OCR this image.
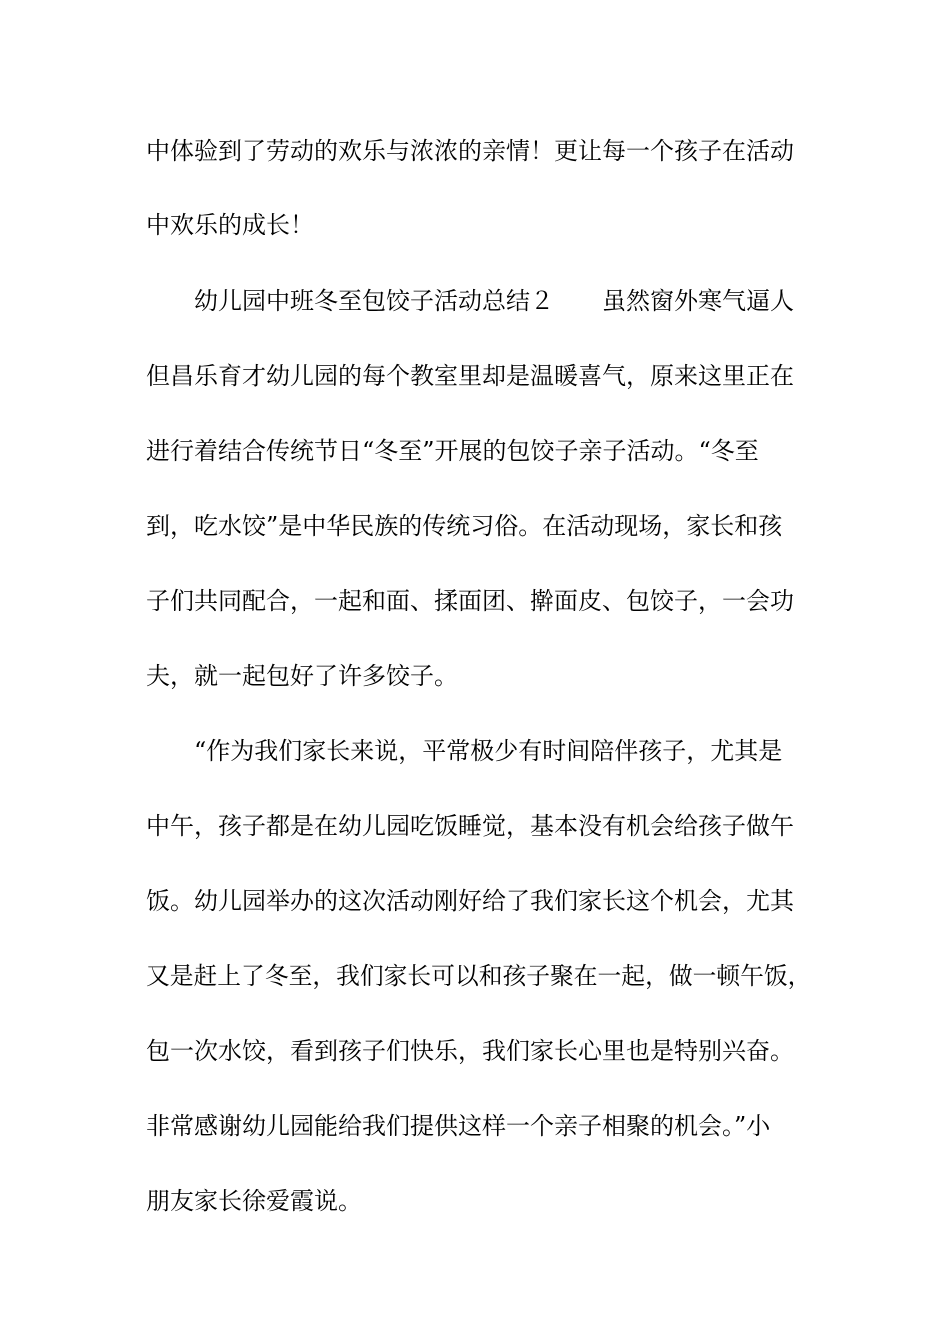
中体验到了劳动的欢乐与浓浓的亲情！更让每一个孩子在活动
中欢乐的成长！
幼儿园中班冬至包饺子活动总结２　　虽然窗外寒气逼人
但昌乐育才幼儿园的每个教室里却是温暖喜气，原来这里正在
进行着结合传统节日“冬至”开展的包饺子亲子活动。“冬至
到，吃水饺”是中华民族的传统习俗。在活动现场，家长和孩
子们共同配合，一起和面、揉面团、擀面皮、包饺子，一会功
夫，就一起包好了许多饺子。
“作为我们家长来说，平常极少有时间陪伴孩子，尤其是
中午，孩子都是在幼儿园吃饭睡觉，基本没有机会给孩子做午
饭。幼儿园举办的这次活动刚好给了我们家长这个机会，尤其
又是赶上了冬至，我们家长可以和孩子聚在一起，做一顿午饭，
包一次水饺，看到孩子们快乐，我们家长心里也是特别兴奋。
非常感谢幼儿园能给我们提供这样一个亲子相聚的机会。”小
朋友家长徐爱霞说。
